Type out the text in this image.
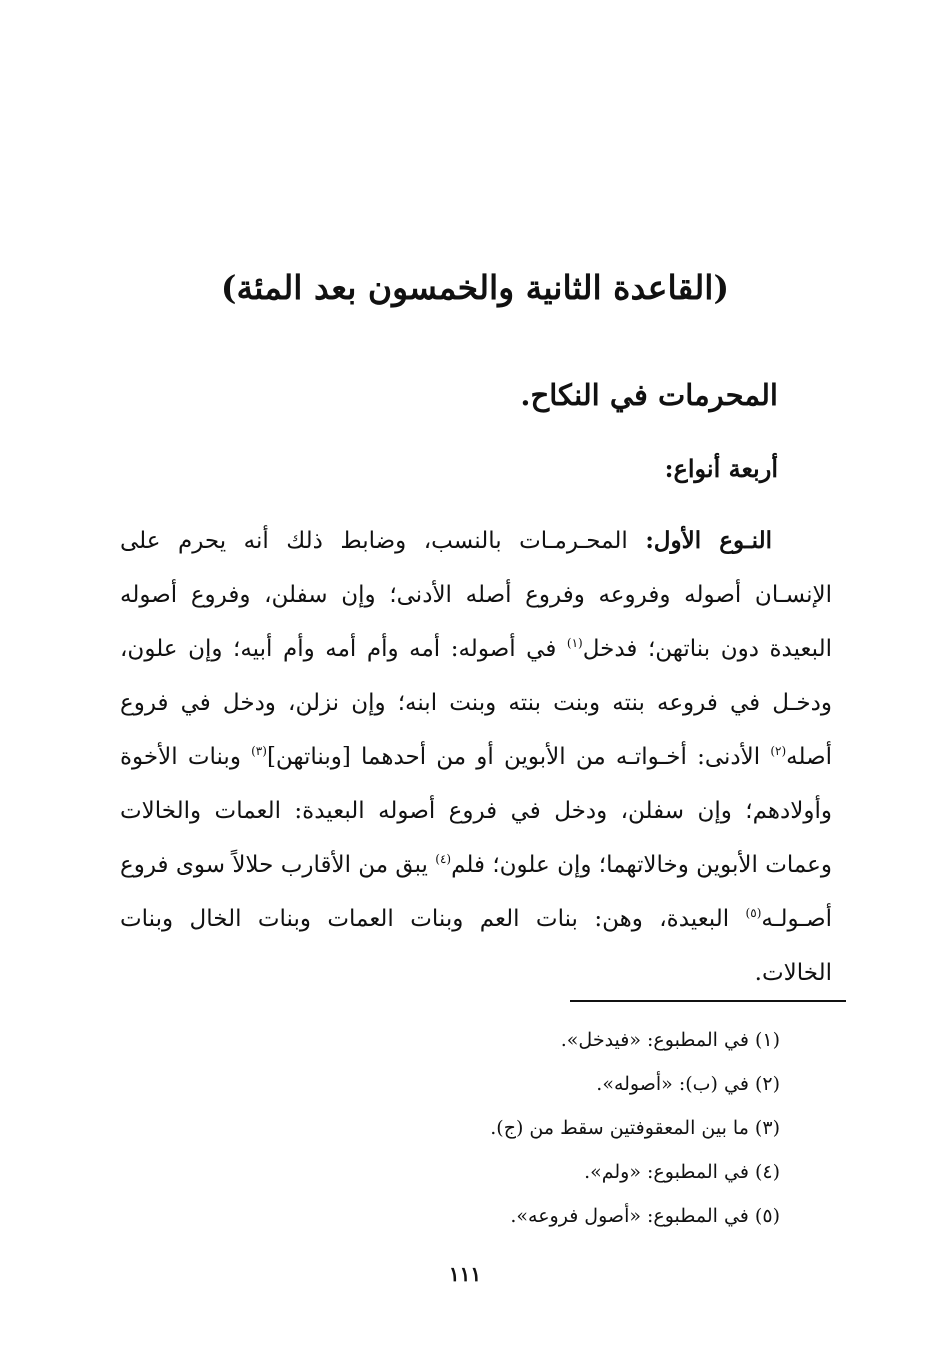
(القاعدة الثانية والخمسون بعد المئة)
المحرمات في النكاح.
أربعة أنواع:

النـوع الأول: المحـرمـات بالنسب، وضابط ذلك أنه يحرم على الإنسـان أصوله وفروعه وفروع أصله الأدنى؛ وإن سفلن، وفروع أصوله البعيدة دون بناتهن؛ فدخل$^{(١)}$ في أصوله: أمه وأم أمه وأم أبيه؛ وإن علون، ودخـل في فروعه بنته وبنت بنته وبنت ابنه؛ وإن نزلن، ودخل في فروع أصله$^{(٢)}$ الأدنى: أخـواتـه من الأبوين أو من أحدهما [وبناتهن]$^{(٣)}$ وبنات الأخوة وأولادهم؛ وإن سفلن، ودخل في فروع أصوله البعيدة: العمات والخالات وعمات الأبوين وخالاتهما؛ وإن علون؛ فلم$^{(٤)}$ يبق من الأقارب حلالاً سوى فروع أصـولـه$^{(٥)}$ البعيدة، وهن: بنات العم وبنات العمات وبنات الخال وبنات الخالات.

(١) في المطبوع: «فيدخل».
(٢) في (ب): «أصوله».
(٣) ما بين المعقوفتين سقط من (ج).
(٤) في المطبوع: «ولم».
(٥) في المطبوع: «أصول فروعه».
١١١
